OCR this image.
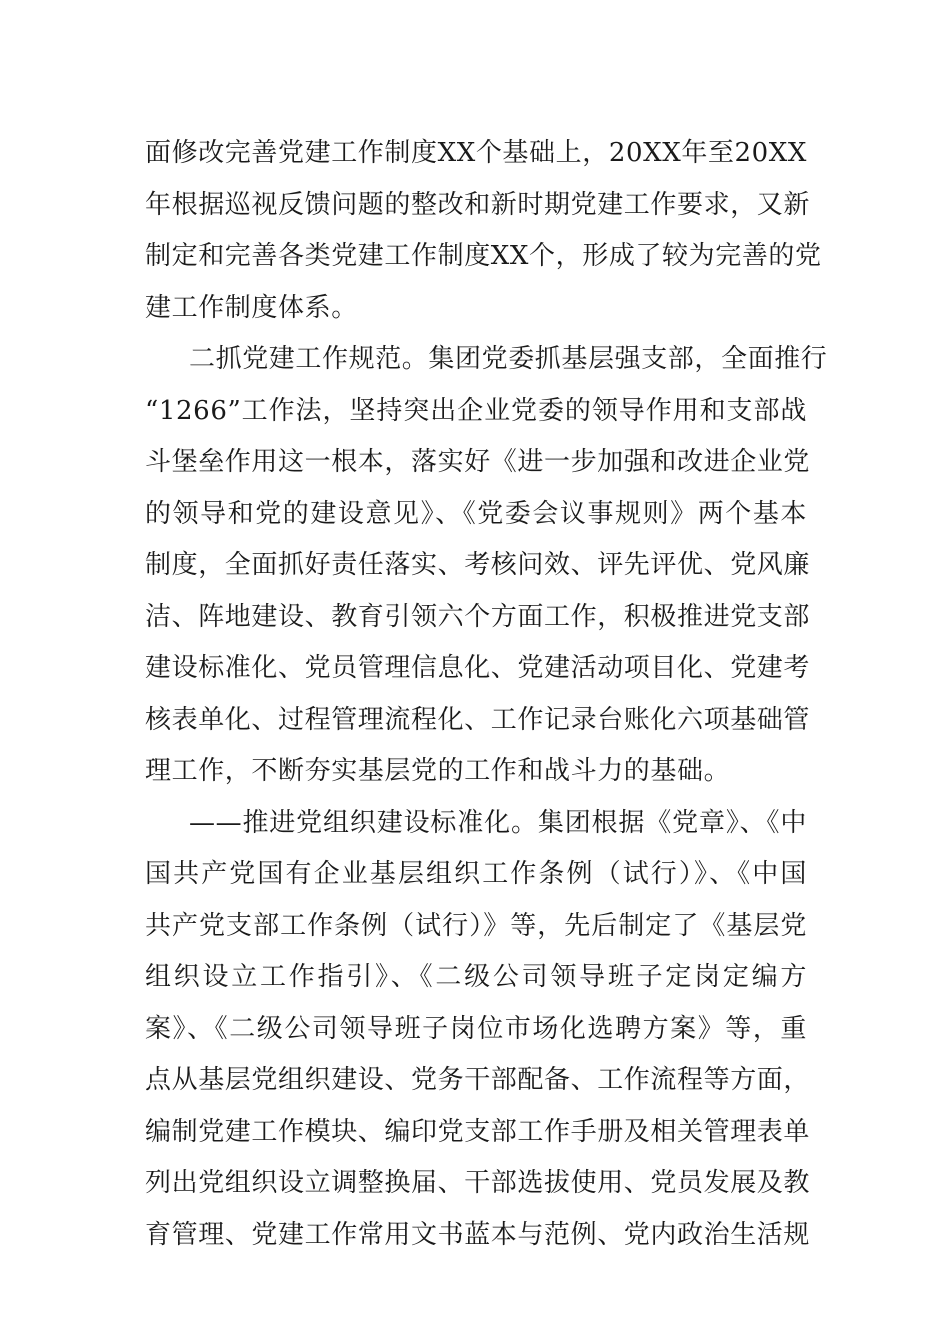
面修改完善党建工作制度XX个基础上，20XX年至20XX
年根据巡视反馈问题的整改和新时期党建工作要求，又新
制定和完善各类党建工作制度XX个，形成了较为完善的党
建工作制度体系。
二抓党建工作规范。集团党委抓基层强支部，全面推行
“1266”工作法，坚持突出企业党委的领导作用和支部战
斗堡垒作用这一根本，落实好《进一步加强和改进企业党
的领导和党的建设意见》、《党委会议事规则》两个基本
制度，全面抓好责任落实、考核问效、评先评优、党风廉
洁、阵地建设、教育引领六个方面工作，积极推进党支部
建设标准化、党员管理信息化、党建活动项目化、党建考
核表单化、过程管理流程化、工作记录台账化六项基础管
理工作，不断夯实基层党的工作和战斗力的基础。
——推进党组织建设标准化。集团根据《党章》、《中
国共产党国有企业基层组织工作条例（试行）》、《中国
共产党支部工作条例（试行）》等，先后制定了《基层党
组织设立工作指引》、《二级公司领导班子定岗定编方
案》、《二级公司领导班子岗位市场化选聘方案》等，重
点从基层党组织建设、党务干部配备、工作流程等方面，
编制党建工作模块、编印党支部工作手册及相关管理表单
列出党组织设立调整换届、干部选拔使用、党员发展及教
育管理、党建工作常用文书蓝本与范例、党内政治生活规
